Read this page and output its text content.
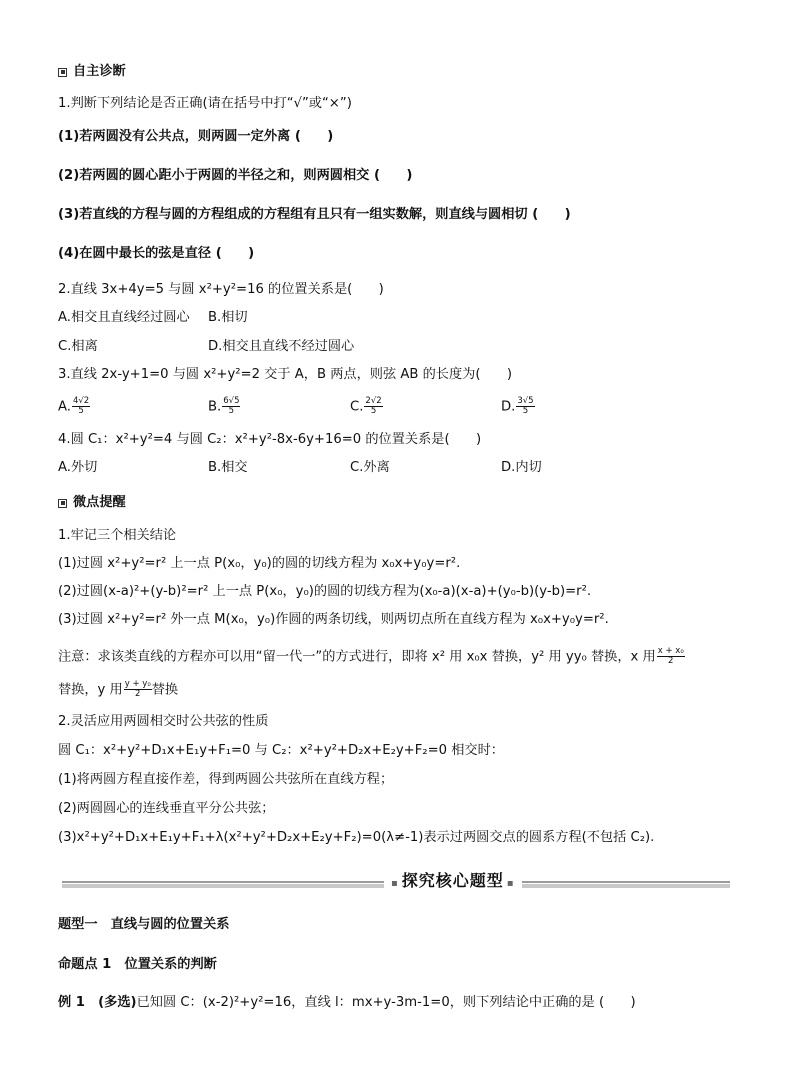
自主诊断
1.判断下列结论是否正确(请在括号中打“√”或“×”)
(1)若两圆没有公共点，则两圆一定外离 (　　)
(2)若两圆的圆心距小于两圆的半径之和，则两圆相交 (　　)
(3)若直线的方程与圆的方程组成的方程组有且只有一组实数解，则直线与圆相切 (　　)
(4)在圆中最长的弦是直径 (　　)
2.直线 3x+4y=5 与圆 x²+y²=16 的位置关系是(　　)
A.相交且直线经过圆心 B.相切
C.相离	D.相交且直线不经过圆心
3.直线 2x-y+1=0 与圆 x²+y²=2 交于 A，B 两点，则弦 AB 的长度为(　　)
A. $\frac{4√2}{5}$	B. $\frac{6√5}{5}$	C. $\frac{2√2}{5}$	D. $\frac{3√5}{5}$
4.圆 C₁：x²+y²=4 与圆 C₂：x²+y²-8x-6y+16=0 的位置关系是(　　)
A.外切	B.相交	C.外离	D.内切
微点提醒
1.牢记三个相关结论
(1)过圆 x²+y²=r² 上一点 P(x₀，y₀)的圆的切线方程为 x₀x+y₀y=r².
(2)过圆(x-a)²+(y-b)²=r² 上一点 P(x₀，y₀)的圆的切线方程为(x₀-a)(x-a)+(y₀-b)(y-b)=r².
(3)过圆 x²+y²=r² 外一点 M(x₀，y₀)作圆的两条切线，则两切点所在直线方程为 x₀x+y₀y=r².
注意：求该类直线的方程亦可以用“留一代一”的方式进行，即将 x² 用 x₀x 替换，y² 用 yy₀ 替换，x 用 $\frac{\text{x + x₀}}{2}$
替换，y 用 $\frac{\text{y + y₀}}{2}$ 替换
2.灵活应用两圆相交时公共弦的性质
圆 C₁：x²+y²+D₁x+E₁y+F₁=0 与 C₂：x²+y²+D₂x+E₂y+F₂=0 相交时：
(1)将两圆方程直接作差，得到两圆公共弦所在直线方程；
(2)两圆圆心的连线垂直平分公共弦；
(3)x²+y²+D₁x+E₁y+F₁+λ(x²+y²+D₂x+E₂y+F₂)=0(λ≠-1)表示过两圆交点的圆系方程(不包括 C₂).
▪ 探究核心题型 ▪
题型一　直线与圆的位置关系
命题点 1　位置关系的判断
例 1　 (多选)已知圆 C：(x-2)²+y²=16，直线 l：mx+y-3m-1=0，则下列结论中正确的是 (　　)
